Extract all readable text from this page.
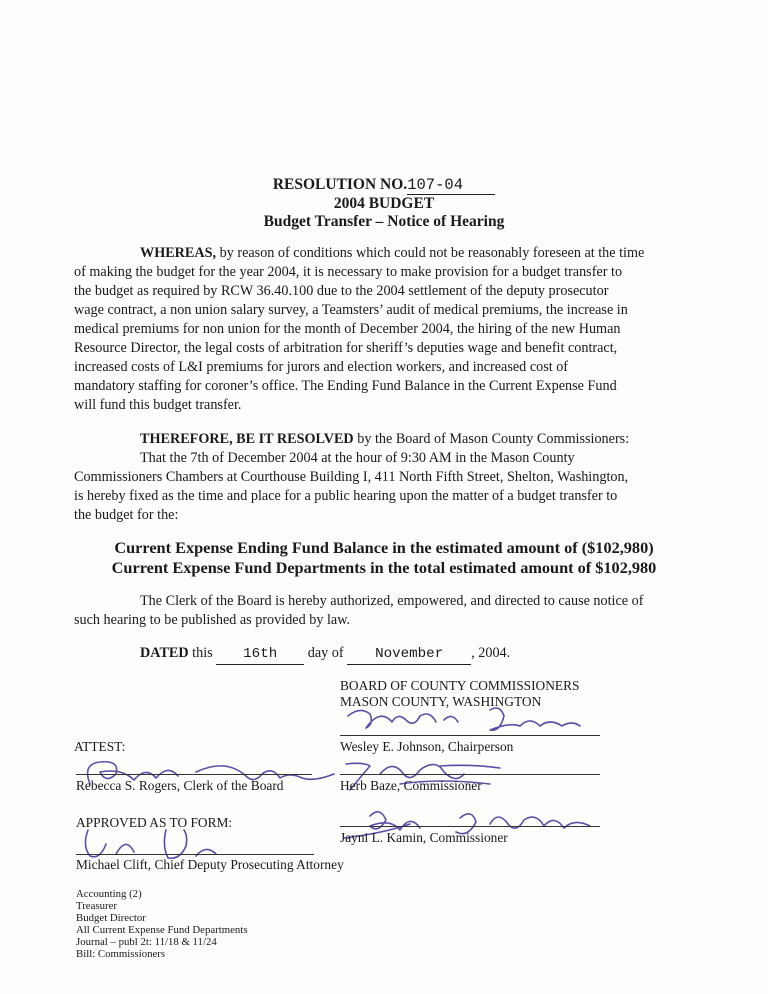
RESOLUTION NO.107-04
2004 BUDGET
Budget Transfer – Notice of Hearing

WHEREAS, by reason of conditions which could not be reasonably foreseen at the time

of making the budget for the year 2004, it is necessary to make provision for a budget transfer to

the budget as required by RCW 36.40.100 due to the 2004 settlement of the deputy prosecutor

wage contract, a non union salary survey, a Teamsters’ audit of medical premiums, the increase in

medical premiums for non union for the month of December 2004, the hiring of the new Human

Resource Director, the legal costs of arbitration for sheriff’s deputies wage and benefit contract,

increased costs of L&I premiums for jurors and election workers, and increased cost of

mandatory staffing for coroner’s office. The Ending Fund Balance in the Current Expense Fund

will fund this budget transfer.

THEREFORE, BE IT RESOLVED by the Board of Mason County Commissioners:

That the 7th of December 2004 at the hour of 9:30 AM in the Mason County

Commissioners Chambers at Courthouse Building I, 411 North Fifth Street, Shelton, Washington,

is hereby fixed as the time and place for a public hearing upon the matter of a budget transfer to

the budget for the:

Current Expense Ending Fund Balance in the estimated amount of ($102,980)
Current Expense Fund Departments in the total estimated amount of $102,980

The Clerk of the Board is hereby authorized, empowered, and directed to cause notice of

such hearing to be published as provided by law.

DATED this 16th day of November , 2004.
BOARD OF COUNTY COMMISSIONERS
MASON COUNTY, WASHINGTON
Wesley E. Johnson, Chairperson
ATTEST:
Rebecca S. Rogers, Clerk of the Board	Herb Baze, Commissioner
APPROVED AS TO FORM:
Jayni L. Kamin, Commissioner
Michael Clift, Chief Deputy Prosecuting Attorney
Accounting (2)
Treasurer
Budget Director
All Current Expense Fund Departments
Journal – publ 2t: 11/18 & 11/24
Bill: Commissioners
